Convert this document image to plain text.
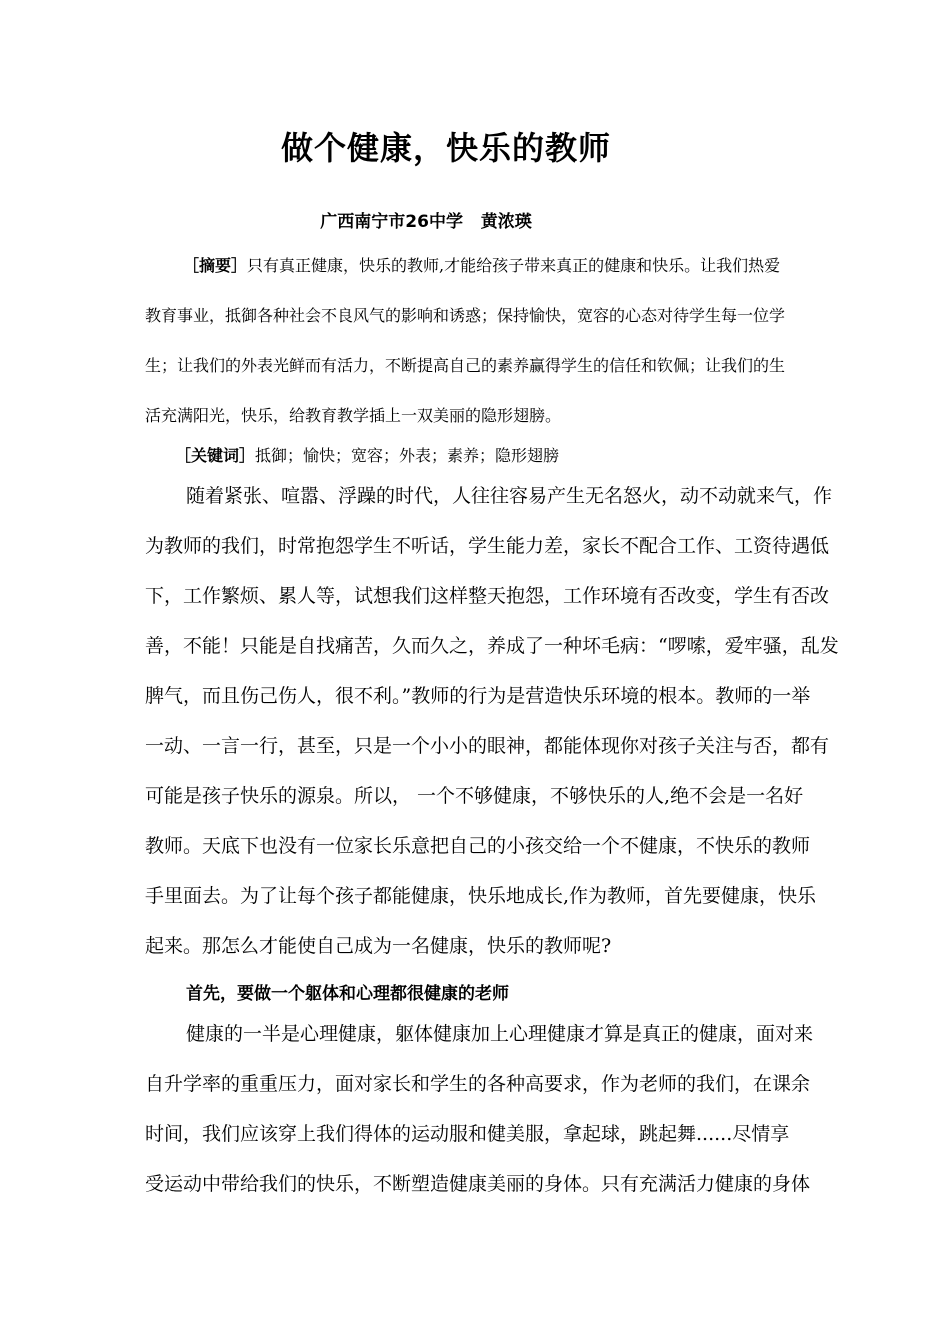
做个健康，快乐的教师
广西南宁市26中学   黄浓瑛
［摘要］只有真正健康，快乐的教师,才能给孩子带来真正的健康和快乐。让我们热爱
教育事业，抵御各种社会不良风气的影响和诱惑；保持愉快，宽容的心态对待学生每一位学
生；让我们的外表光鲜而有活力，不断提高自己的素养赢得学生的信任和钦佩；让我们的生
活充满阳光，快乐，给教育教学插上一双美丽的隐形翅膀。
［关键词］抵御；愉快；宽容；外表；素养；隐形翅膀
随着紧张、喧嚣、浮躁的时代，人往往容易产生无名怒火，动不动就来气，作
为教师的我们，时常抱怨学生不听话，学生能力差，家长不配合工作、工资待遇低
下，工作繁烦、累人等，试想我们这样整天抱怨，工作环境有否改变，学生有否改
善，不能！只能是自找痛苦，久而久之，养成了一种坏毛病：“啰嗦，爱牢骚，乱发
脾气，而且伤己伤人，很不利。”教师的行为是营造快乐环境的根本。教师的一举
一动、一言一行，甚至，只是一个小小的眼神，都能体现你对孩子关注与否，都有
可能是孩子快乐的源泉。所以， 一个不够健康，不够快乐的人,绝不会是一名好
教师。天底下也没有一位家长乐意把自己的小孩交给一个不健康，不快乐的教师
手里面去。为了让每个孩子都能健康，快乐地成长,作为教师，首先要健康，快乐
起来。那怎么才能使自己成为一名健康，快乐的教师呢?
首先，要做一个躯体和心理都很健康的老师
健康的一半是心理健康，躯体健康加上心理健康才算是真正的健康，面对来
自升学率的重重压力，面对家长和学生的各种高要求，作为老师的我们，在课余
时间，我们应该穿上我们得体的运动服和健美服，拿起球，跳起舞......尽情享
受运动中带给我们的快乐，不断塑造健康美丽的身体。只有充满活力健康的身体
